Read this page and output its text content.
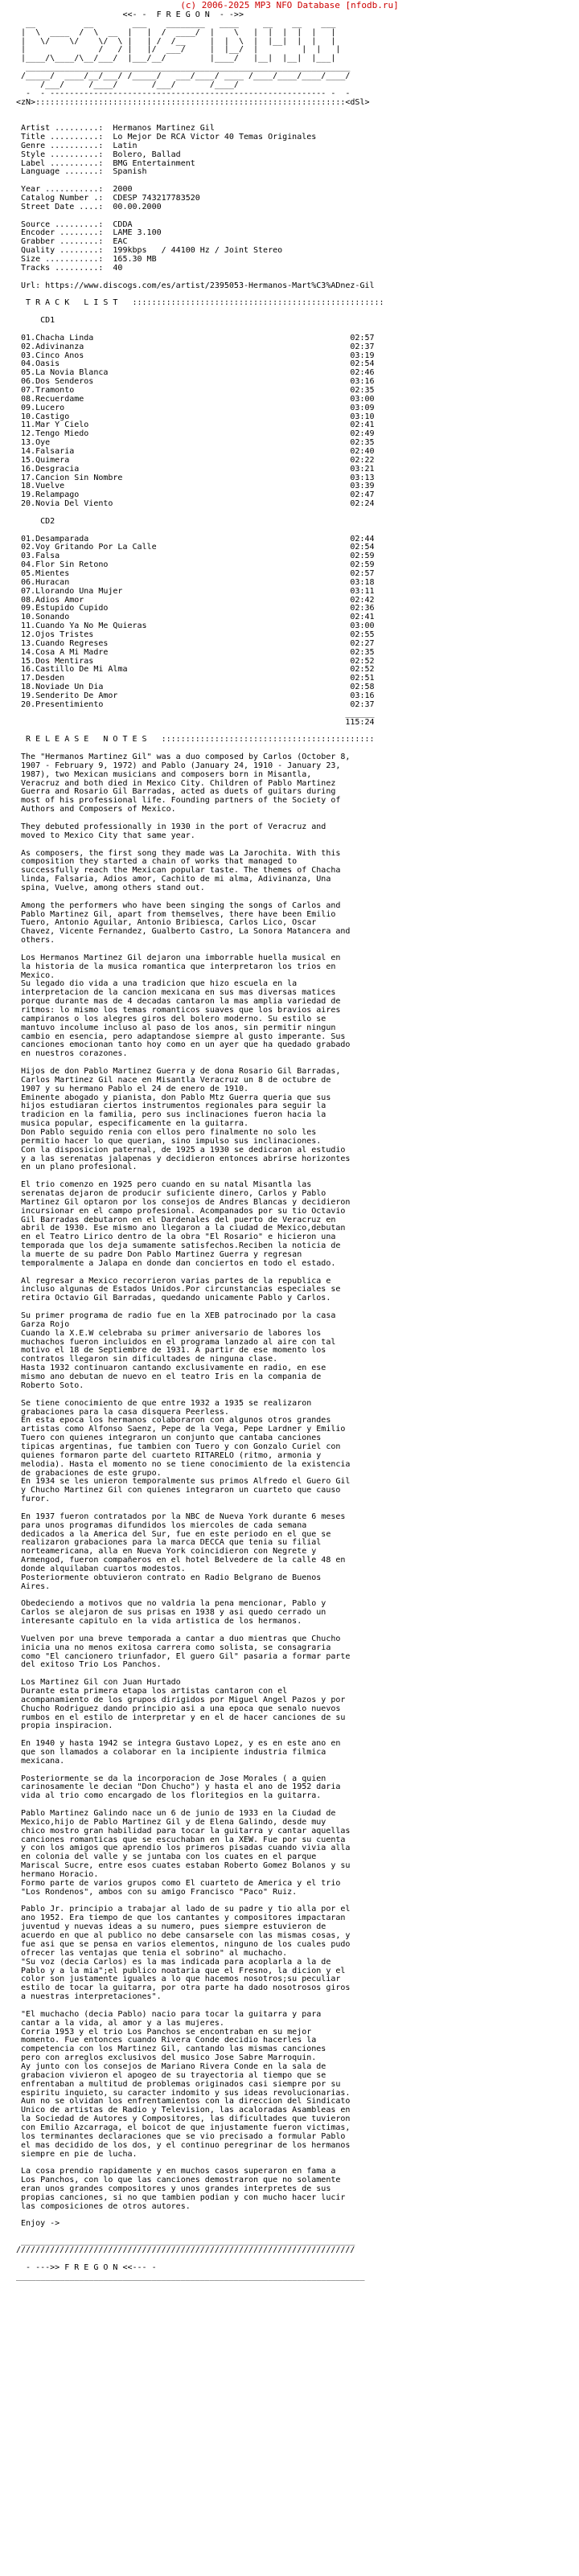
(c) 2006-2025 MP3 NFO Database [nfodb.ru]
<<- -  F R E G O N  - ->>
__          __        ___    ________   ____     __    __    ___
|  \  ____  /  \  __  |   |  /  ____/  |    \   |  |  |  |  |   |
|   \/    \/    \/  \ |   | /  /__     |  |  \  |  |__|  |  |   |
|               /   / |   |/  ___/     |  |__/  |         |  |   |
|____/\____/\__/___/  |___/__/         |____/   |__|  |__|  |___|
___________________________________________________________________
/_____/  ____/__/___/ /_____/   ___/____/ ____ /____/____/____/____/
/___/     /____/       /___/       /____/
-  - --------------------------------------------------------- -  -
<zN>::::::::::::::::::::::::::::::::::::::::::::::::::::::::::::::::<dSl>

Artist .........:  Hermanos Martinez Gil
Title ..........:  Lo Mejor De RCA Victor 40 Temas Originales
Genre ..........:  Latin
Style ..........:  Bolero, Ballad
Label ..........:  BMG Entertainment
Language .......:  Spanish

Year ...........:  2000
Catalog Number .:  CDESP 743217783520
Street Date ....:  00.00.2000

Source .........:  CDDA
Encoder ........:  LAME 3.100
Grabber ........:  EAC
Quality ........:  199kbps   / 44100 Hz / Joint Stereo
Size ...........:  165.30 MB
Tracks .........:  40

Url: https://www.discogs.com/es/artist/2395053-Hermanos-Mart%C3%ADnez-Gil

T R A C K   L I S T   ::::::::::::::::::::::::::::::::::::::::::::::::::::

CD1

01.Chacha Linda                                                     02:57
02.Adivinanza                                                       02:37
03.Cinco Anos                                                       03:19
04.Oasis                                                            02:54
05.La Novia Blanca                                                  02:46
06.Dos Senderos                                                     03:16
07.Tramonto                                                         02:35
08.Recuerdame                                                       03:00
09.Lucero                                                           03:09
10.Castigo                                                          03:10
11.Mar Y Cielo                                                      02:41
12.Tengo Miedo                                                      02:49
13.Oye                                                              02:35
14.Falsaria                                                         02:40
15.Quimera                                                          02:22
16.Desgracia                                                        03:21
17.Cancion Sin Nombre                                               03:13
18.Vuelve                                                           03:39
19.Relampago                                                        02:47
20.Novia Del Viento                                                 02:24

CD2

01.Desamparada                                                      02:44
02.Voy Gritando Por La Calle                                        02:54
03.Falsa                                                            02:59
04.Flor Sin Retono                                                  02:59
05.Mientes                                                          02:57
06.Huracan                                                          03:18
07.Llorando Una Mujer                                               03:11
08.Adios Amor                                                       02:42
09.Estupido Cupido                                                  02:36
10.Sonando                                                          02:41
11.Cuando Ya No Me Quieras                                          03:00
12.Ojos Tristes                                                     02:55
13.Cuando Regreses                                                  02:27
14.Cosa A Mi Madre                                                  02:35
15.Dos Mentiras                                                     02:52
16.Castillo De Mi Alma                                              02:52
17.Desden                                                           02:51
18.Noviade Un Dia                                                   02:58
19.Senderito De Amor                                                03:16
20.Presentimiento                                                   02:37
______
115:24

R E L E A S E   N O T E S   ::::::::::::::::::::::::::::::::::::::::::::

The "Hermanos Martinez Gil" was a duo composed by Carlos (October 8,
1907 - February 9, 1972) and Pablo (January 24, 1910 - January 23,
1987), two Mexican musicians and composers born in Misantla,
Veracruz and both died in Mexico City. Children of Pablo Martinez
Guerra and Rosario Gil Barradas, acted as duets of guitars during
most of his professional life. Founding partners of the Society of
Authors and Composers of Mexico.

They debuted professionally in 1930 in the port of Veracruz and
moved to Mexico City that same year.

As composers, the first song they made was La Jarochita. With this
composition they started a chain of works that managed to
successfully reach the Mexican popular taste. The themes of Chacha
linda, Falsaria, Adios amor, Cachito de mi alma, Adivinanza, Una
spina, Vuelve, among others stand out.

Among the performers who have been singing the songs of Carlos and
Pablo Martinez Gil, apart from themselves, there have been Emilio
Tuero, Antonio Aguilar, Antonio Bribiesca, Carlos Lico, Oscar
Chavez, Vicente Fernandez, Gualberto Castro, La Sonora Matancera and
others.

Los Hermanos Martinez Gil dejaron una imborrable huella musical en
la historia de la musica romantica que interpretaron los trios en
Mexico.
Su legado dio vida a una tradicion que hizo escuela en la
interpretacion de la cancion mexicana en sus mas diversas matices
porque durante mas de 4 decadas cantaron la mas amplia variedad de
ritmos: lo mismo los temas romanticos suaves que los bravios aires
campiranos o los alegres giros del bolero moderno. Su estilo se
mantuvo incolume incluso al paso de los anos, sin permitir ningun
cambio en esencia, pero adaptandose siempre al gusto imperante. Sus
canciones emocionan tanto hoy como en un ayer que ha quedado grabado
en nuestros corazones.

Hijos de don Pablo Martinez Guerra y de dona Rosario Gil Barradas,
Carlos Martinez Gil nace en Misantla Veracruz un 8 de octubre de
1907 y su hermano Pablo el 24 de enero de 1910.
Eminente abogado y pianista, don Pablo Mtz Guerra queria que sus
hijos estudiaran ciertos instrumentos regionales para seguir la
tradicion en la familia, pero sus inclinaciones fueron hacia la
musica popular, especificamente en la guitarra.
Don Pablo seguido renia con ellos pero finalmente no solo les
permitio hacer lo que querian, sino impulso sus inclinaciones.
Con la disposicion paternal, de 1925 a 1930 se dedicaron al estudio
y a las serenatas jalapenas y decidieron entonces abrirse horizontes
en un plano profesional.

El trio comenzo en 1925 pero cuando en su natal Misantla las
serenatas dejaron de producir suficiente dinero, Carlos y Pablo
Martinez Gil optaron por los consejos de Andres Blancas y decidieron
incursionar en el campo profesional. Acompanados por su tio Octavio
Gil Barradas debutaron en el Dardenales del puerto de Veracruz en
abril de 1930. Ese mismo ano llegaron a la ciudad de Mexico,debutan
en el Teatro Lirico dentro de la obra "El Rosario" e hicieron una
temporada que los deja sumamente satisfechos.Reciben la noticia de
la muerte de su padre Don Pablo Martinez Guerra y regresan
temporalmente a Jalapa en donde dan conciertos en todo el estado.

Al regresar a Mexico recorrieron varias partes de la republica e
incluso algunas de Estados Unidos.Por circunstancias especiales se
retira Octavio Gil Barradas, quedando unicamente Pablo y Carlos.

Su primer programa de radio fue en la XEB patrocinado por la casa
Garza Rojo
Cuando la X.E.W celebraba su primer aniversario de labores los
muchachos fueron incluidos en el programa lanzado al aire con tal
motivo el 18 de Septiembre de 1931. A partir de ese momento los
contratos llegaron sin dificultades de ninguna clase.
Hasta 1932 continuaron cantando exclusivamente en radio, en ese
mismo ano debutan de nuevo en el teatro Iris en la compania de
Roberto Soto.

Se tiene conocimiento de que entre 1932 a 1935 se realizaron
grabaciones para la casa disquera Peerless.
En esta epoca los hermanos colaboraron con algunos otros grandes
artistas como Alfonso Saenz, Pepe de la Vega, Pepe Lardner y Emilio
Tuero con quienes integraron un conjunto que cantaba canciones
tipicas argentinas, fue tambien con Tuero y con Gonzalo Curiel con
quienes formaron parte del cuarteto RITARELO (ritmo, armonia y
melodia). Hasta el momento no se tiene conocimiento de la existencia
de grabaciones de este grupo.
En 1934 se les unieron temporalmente sus primos Alfredo el Guero Gil
y Chucho Martinez Gil con quienes integraron un cuarteto que causo
furor.

En 1937 fueron contratados por la NBC de Nueva York durante 6 meses
para unos programas difundidos los miercoles de cada semana
dedicados a la America del Sur, fue en este periodo en el que se
realizaron grabaciones para la marca DECCA que tenia su filial
norteamericana, alla en Nueva York coincidieron con Negrete y
Armengod, fueron compañeros en el hotel Belvedere de la calle 48 en
donde alquilaban cuartos modestos.
Posteriormente obtuvieron contrato en Radio Belgrano de Buenos
Aires.

Obedeciendo a motivos que no valdria la pena mencionar, Pablo y
Carlos se alejaron de sus prisas en 1938 y asi quedo cerrado un
interesante capitulo en la vida artistica de los hermanos.

Vuelven por una breve temporada a cantar a duo mientras que Chucho
inicia una no menos exitosa carrera como solista, se consagraria
como "El cancionero triunfador, El guero Gil" pasaria a formar parte
del exitoso Trio Los Panchos.

Los Martinez Gil con Juan Hurtado
Durante esta primera etapa los artistas cantaron con el
acompanamiento de los grupos dirigidos por Miguel Angel Pazos y por
Chucho Rodriguez dando principio asi a una epoca que senalo nuevos
rumbos en el estilo de interpretar y en el de hacer canciones de su
propia inspiracion.

En 1940 y hasta 1942 se integra Gustavo Lopez, y es en este ano en
que son llamados a colaborar en la incipiente industria filmica
mexicana.

Posteriormente se da la incorporacion de Jose Morales ( a quien
carinosamente le decian "Don Chucho") y hasta el ano de 1952 daria
vida al trio como encargado de los floritegios en la guitarra.

Pablo Martinez Galindo nace un 6 de junio de 1933 en la Ciudad de
Mexico,hijo de Pablo Martinez Gil y de Elena Galindo, desde muy
chico mostro gran habilidad para tocar la guitarra y cantar aquellas
canciones romanticas que se escuchaban en la XEW. Fue por su cuenta
y con los amigos que aprendio los primeros pisadas cuando vivia alla
en colonia del valle y se juntaba con los cuates en el parque
Mariscal Sucre, entre esos cuates estaban Roberto Gomez Bolanos y su
hermano Horacio.
Formo parte de varios grupos como El cuarteto de America y el trio
"Los Rondenos", ambos con su amigo Francisco "Paco" Ruiz.

Pablo Jr. principio a trabajar al lado de su padre y tio alla por el
ano 1952. Era tiempo de que los cantantes y compositores impactaran
juventud y nuevas ideas a su numero, pues siempre estuvieron de
acuerdo en que al publico no debe cansarsele con las mismas cosas, y
fue asi que se pensa en varios elementos, ninguno de los cuales pudo
ofrecer las ventajas que tenia el sobrino" al muchacho.
"Su voz (decia Carlos) es la mas indicada para acoplarla a la de
Pablo y a la mia";el publico noataria que el Fresno, la dicion y el
color son justamente iguales a lo que hacemos nosotros;su peculiar
estilo de tocar la guitarra, por otra parte ha dado nosotrosos giros
a nuestras interpretaciones".

"El muchacho (decia Pablo) nacio para tocar la guitarra y para
cantar a la vida, al amor y a las mujeres.
Corria 1953 y el trio Los Panchos se encontraban en su mejor
momento. Fue entonces cuando Rivera Conde decidio hacerles la
competencia con los Martinez Gil, cantando las mismas canciones
pero con arreglos exclusivos del musico Jose Sabre Marroquin.
Ay junto con los consejos de Mariano Rivera Conde en la sala de
grabacion vivieron el apogeo de su trayectoria al tiempo que se
enfrentaban a multitud de problemas originados casi siempre por su
espiritu inquieto, su caracter indomito y sus ideas revolucionarias.
Aun no se olvidan los enfrentamientos con la direccion del Sindicato
Unico de artistas de Radio y Television, las acaloradas Asambleas en
la Sociedad de Autores y Compositores, las dificultades que tuvieron
con Emilio Azcarraga, el boicot de que injustamente fueron victimas,
los terminantes declaraciones que se vio precisado a formular Pablo
el mas decidido de los dos, y el continuo peregrinar de los hermanos
siempre en pie de lucha.

La cosa prendio rapidamente y en muchos casos superaron en fama a
Los Panchos, con lo que las canciones demostraron que no solamente
eran unos grandes compositores y unos grandes interpretes de sus
propias canciones, si no que tambien podian y con mucho hacer lucir
las composiciones de otros autores.

Enjoy ->

_____________________________________________________________________
//////////////////////////////////////////////////////////////////////

- --->> F R E G O N <<--- -
________________________________________________________________________
